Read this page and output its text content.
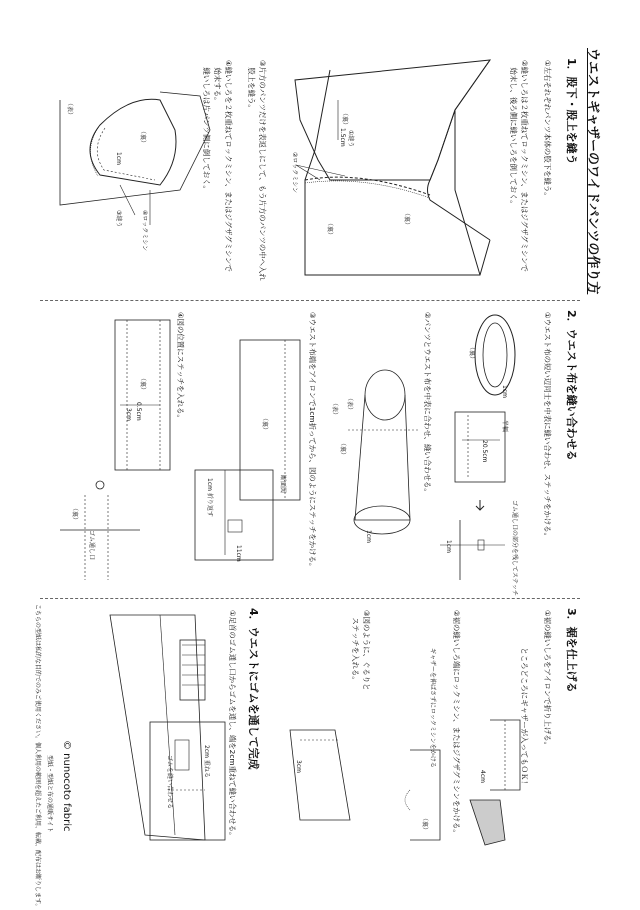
ウエストギャザーのワイドパンツの作り方
1．股下・股上を縫う
①左右それぞれパンツ本体の股下を縫う。
②縫いしろは２枚重ねてロックミシン、またはジグザグミシンで
　始末し、後ろ側に縫いしろを倒しておく。
③片方のパンツだけを表返しにして、もう片方のパンツの中へ入れ
　股上を縫う。
④縫いしろを２枚重ねてロックミシン、またはジグザグミシンで
　始末する。
　縫いしろは片パンツ側に倒しておく。
（裏）
（裏）
（裏）
①縫う
1.5cm
②ロックミシン
（表）
（裏）
1cm
④ロックミシン
③縫う
2．ウエスト布を縫い合わせる
①ウエスト布の短い辺同士を中表に縫い合わせ、ステッチをかける。
②パンツとウエスト布を中表に合わせ、縫い合わせる。
③ウエスト布端をアイロンで1cm折ってから、図のようにステッチをかける。
④図の位置にステッチを入れる。	1cm
半幅
20.5cm
（裏）
ゴム通し口の部分を残してステッチ
1cm
（表）
（裏）
（表）
1cm
断面図
1cm 折り返す
11cm
0.5cm
3cm
（裏）
（裏）
（裏）
ゴム通し口
3．裾を仕上げる
①裾の縫いしろをアイロンで折り上げる。
　ところどころにギャザーが入ってもＯＫ！
②裾の縫いしろ端にロックミシン、またはジグザグミシンをかける。
③図のように、ぐるりと
　ステッチを入れる。
4cm
ギャザーを伸ばさずにロックミシンをかける
（裏）
3cm
4．ウエストにゴムを通して完成
①足首のゴム通し口からゴムを通し、端を2cm重ねて縫い合わせる。
2cm 重ねる
ゴムを縫い合わせる
© nunocoto fabric
型紙・型紙と布の通販サイト
こちらの型紙は私的な目的でのみご使用ください。個人利用の範囲を超えたご利用、転載、配布はお断りします。
